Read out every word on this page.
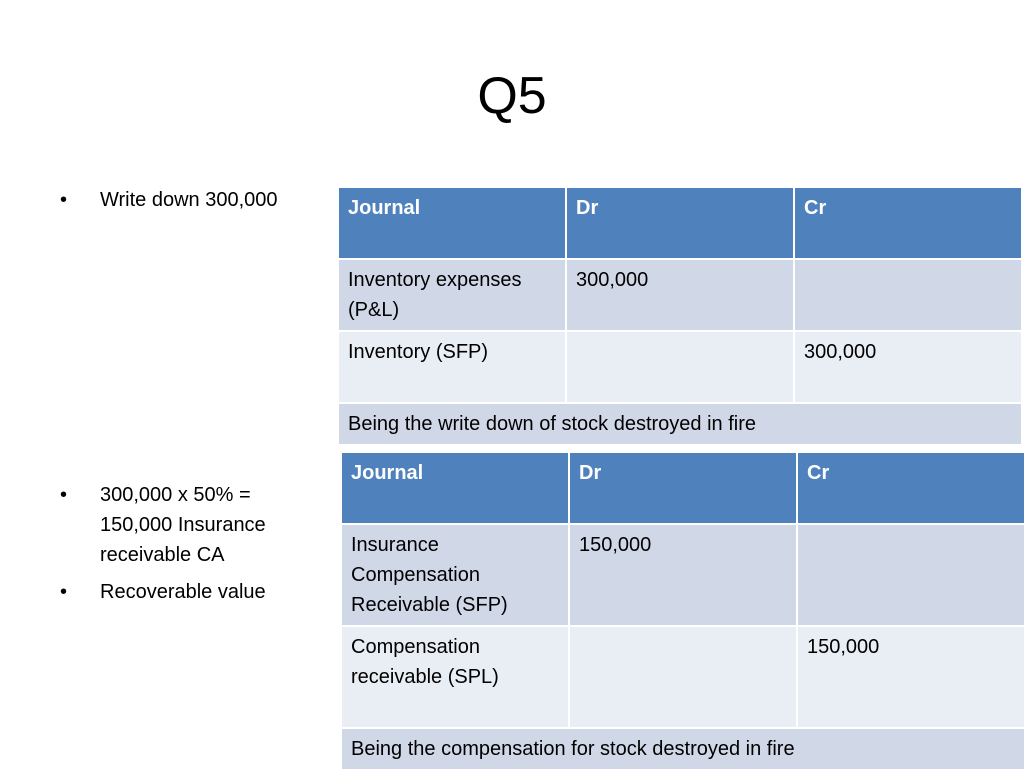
Q5
• Write down 300,000
• 300,000 x 50% = 150,000 Insurance receivable CA
• Recoverable value
Journal	Dr	Cr
Inventory expenses (P&L)	300,000	
Inventory (SFP)		300,000
Being the write down of stock destroyed in fire		
Journal	Dr	Cr
Insurance Compensation Receivable (SFP)	150,000	
Compensation receivable (SPL)		150,000
Being the compensation for stock destroyed in fire		
